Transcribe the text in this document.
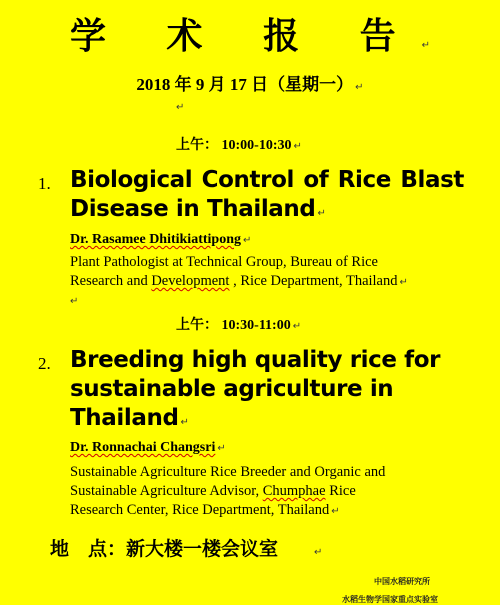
学 术 报 告 ↵
2018 年 9 月 17 日（星期一） ↵
↵
上午： 10:00-10:30 ↵
1. Biological Control of Rice Blast
Disease in Thailand ↵
Dr. Rasamee Dhitikiattipong ↵
Plant Pathologist at Technical Group, Bureau of Rice
Research and Development , Rice Department, Thailand ↵
↵
上午： 10:30-11:00 ↵
2. Breeding high quality rice for
sustainable agriculture in
Thailand ↵
Dr. Ronnachai Changsri ↵
Sustainable Agriculture Rice Breeder and Organic and
Sustainable Agriculture Advisor, Chumphae Rice
Research Center, Rice Department, Thailand ↵
地　点：新大楼一楼会议室	↵
中国水稻研究所
水稻生物学国家重点实验室
